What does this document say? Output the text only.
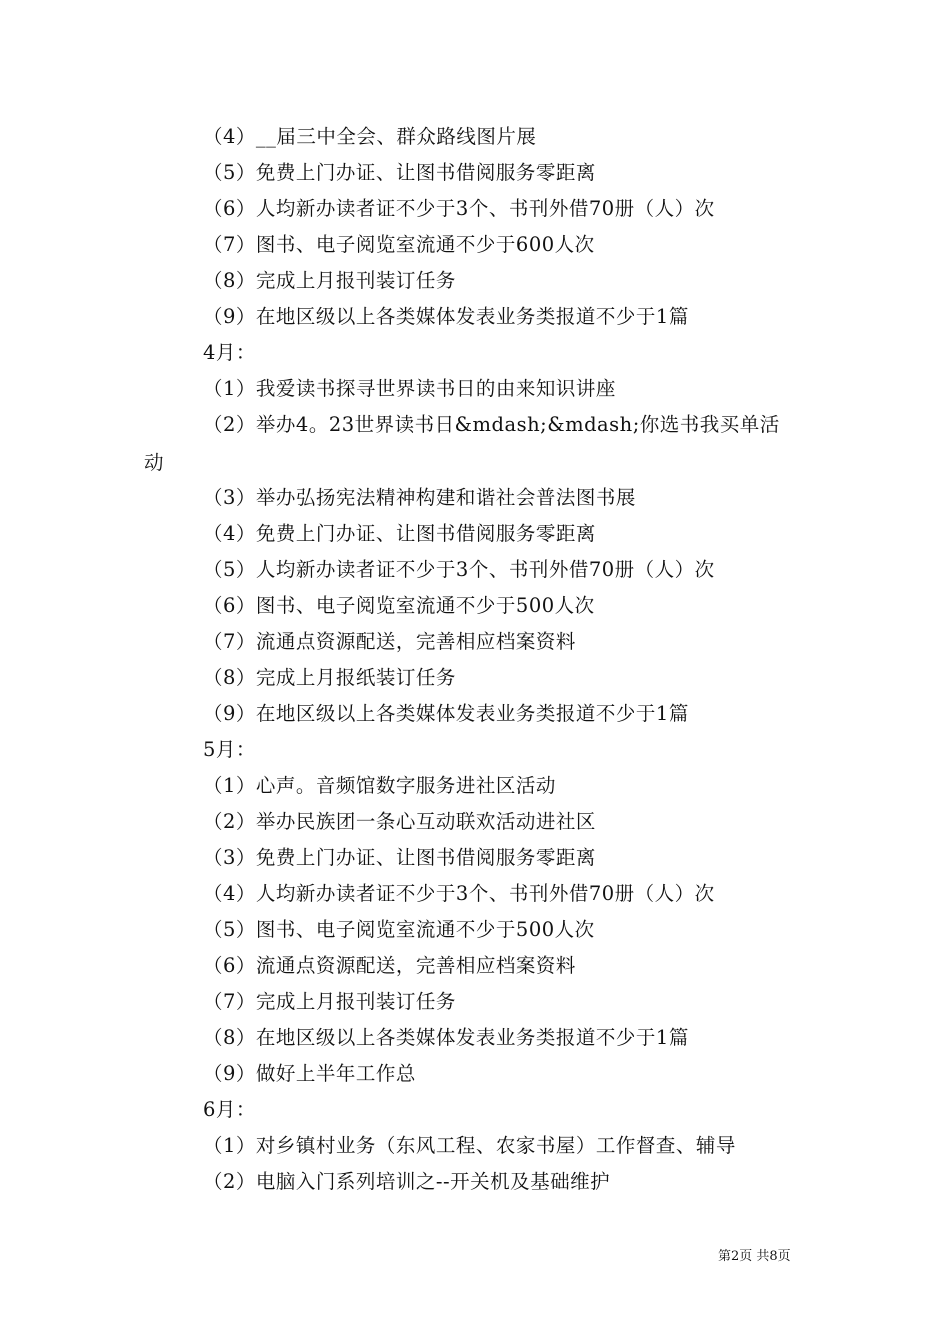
（4）__届三中全会、群众路线图片展
（5）免费上门办证、让图书借阅服务零距离
（6）人均新办读者证不少于3个、书刊外借70册（人）次
（7）图书、电子阅览室流通不少于600人次
（8）完成上月报刊装订任务
（9）在地区级以上各类媒体发表业务类报道不少于1篇
4月：
（1）我爱读书探寻世界读书日的由来知识讲座
（2）举办4。23世界读书日&mdash;&mdash;你选书我买单活
动
（3）举办弘扬宪法精神构建和谐社会普法图书展
（4）免费上门办证、让图书借阅服务零距离
（5）人均新办读者证不少于3个、书刊外借70册（人）次
（6）图书、电子阅览室流通不少于500人次
（7）流通点资源配送，完善相应档案资料
（8）完成上月报纸装订任务
（9）在地区级以上各类媒体发表业务类报道不少于1篇
5月：
（1）心声。音频馆数字服务进社区活动
（2）举办民族团一条心互动联欢活动进社区
（3）免费上门办证、让图书借阅服务零距离
（4）人均新办读者证不少于3个、书刊外借70册（人）次
（5）图书、电子阅览室流通不少于500人次
（6）流通点资源配送，完善相应档案资料
（7）完成上月报刊装订任务
（8）在地区级以上各类媒体发表业务类报道不少于1篇
（9）做好上半年工作总
6月：
（1）对乡镇村业务（东风工程、农家书屋）工作督查、辅导
（2）电脑入门系列培训之--开关机及基础维护
第2页 共8页
